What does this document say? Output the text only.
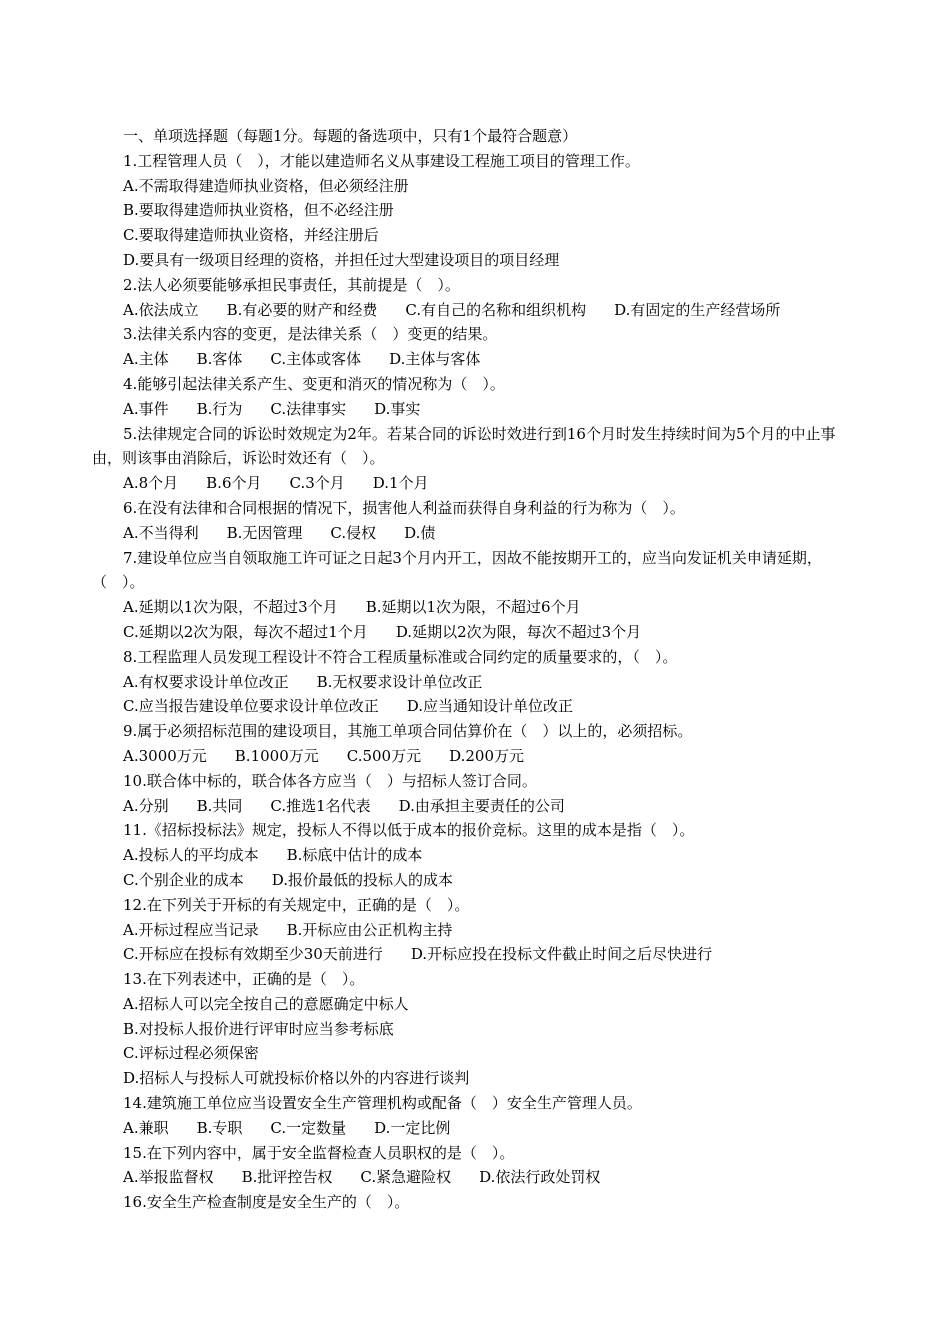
一、单项选择题（每题1分。每题的备选项中，只有1个最符合题意）
1.工程管理人员（　），才能以建造师名义从事建设工程施工项目的管理工作。
A.不需取得建造师执业资格，但必须经注册
B.要取得建造师执业资格，但不必经注册
C.要取得建造师执业资格，并经注册后
D.要具有一级项目经理的资格，并担任过大型建设项目的项目经理
2.法人必须要能够承担民事责任，其前提是（　）。
A.依法成立 B.有必要的财产和经费 C.有自己的名称和组织机构 D.有固定的生产经营场所
3.法律关系内容的变更，是法律关系（　）变更的结果。
A.主体 B.客体 C.主体或客体 D.主体与客体
4.能够引起法律关系产生、变更和消灭的情况称为（　）。
A.事件 B.行为 C.法律事实 D.事实
5.法律规定合同的诉讼时效规定为2年。若某合同的诉讼时效进行到16个月时发生持续时间为5个月的中止事由，则该事由消除后，诉讼时效还有（　）。
A.8个月 B.6个月 C.3个月 D.1个月
6.在没有法律和合同根据的情况下，损害他人利益而获得自身利益的行为称为（　）。
A.不当得利 B.无因管理 C.侵权 D.债
7.建设单位应当自领取施工许可证之日起3个月内开工，因故不能按期开工的，应当向发证机关申请延期，（　）。
A.延期以1次为限，不超过3个月 B.延期以1次为限，不超过6个月
C.延期以2次为限，每次不超过1个月 D.延期以2次为限，每次不超过3个月
8.工程监理人员发现工程设计不符合工程质量标准或合同约定的质量要求的，（　）。
A.有权要求设计单位改正 B.无权要求设计单位改正
C.应当报告建设单位要求设计单位改正 D.应当通知设计单位改正
9.属于必须招标范围的建设项目，其施工单项合同估算价在（　）以上的，必须招标。
A.3000万元 B.1000万元 C.500万元 D.200万元
10.联合体中标的，联合体各方应当（　）与招标人签订合同。
A.分别 B.共同 C.推选1名代表 D.由承担主要责任的公司
11.《招标投标法》规定，投标人不得以低于成本的报价竞标。这里的成本是指（　）。
A.投标人的平均成本 B.标底中估计的成本
C.个别企业的成本 D.报价最低的投标人的成本
12.在下列关于开标的有关规定中，正确的是（　）。
A.开标过程应当记录 B.开标应由公正机构主持
C.开标应在投标有效期至少30天前进行 D.开标应投在投标文件截止时间之后尽快进行
13.在下列表述中，正确的是（　）。
A.招标人可以完全按自己的意愿确定中标人
B.对投标人报价进行评审时应当参考标底
C.评标过程必须保密
D.招标人与投标人可就投标价格以外的内容进行谈判
14.建筑施工单位应当设置安全生产管理机构或配备（　）安全生产管理人员。
A.兼职 B.专职 C.一定数量 D.一定比例
15.在下列内容中，属于安全监督检查人员职权的是（　）。
A.举报监督权 B.批评控告权 C.紧急避险权 D.依法行政处罚权
16.安全生产检查制度是安全生产的（　）。
